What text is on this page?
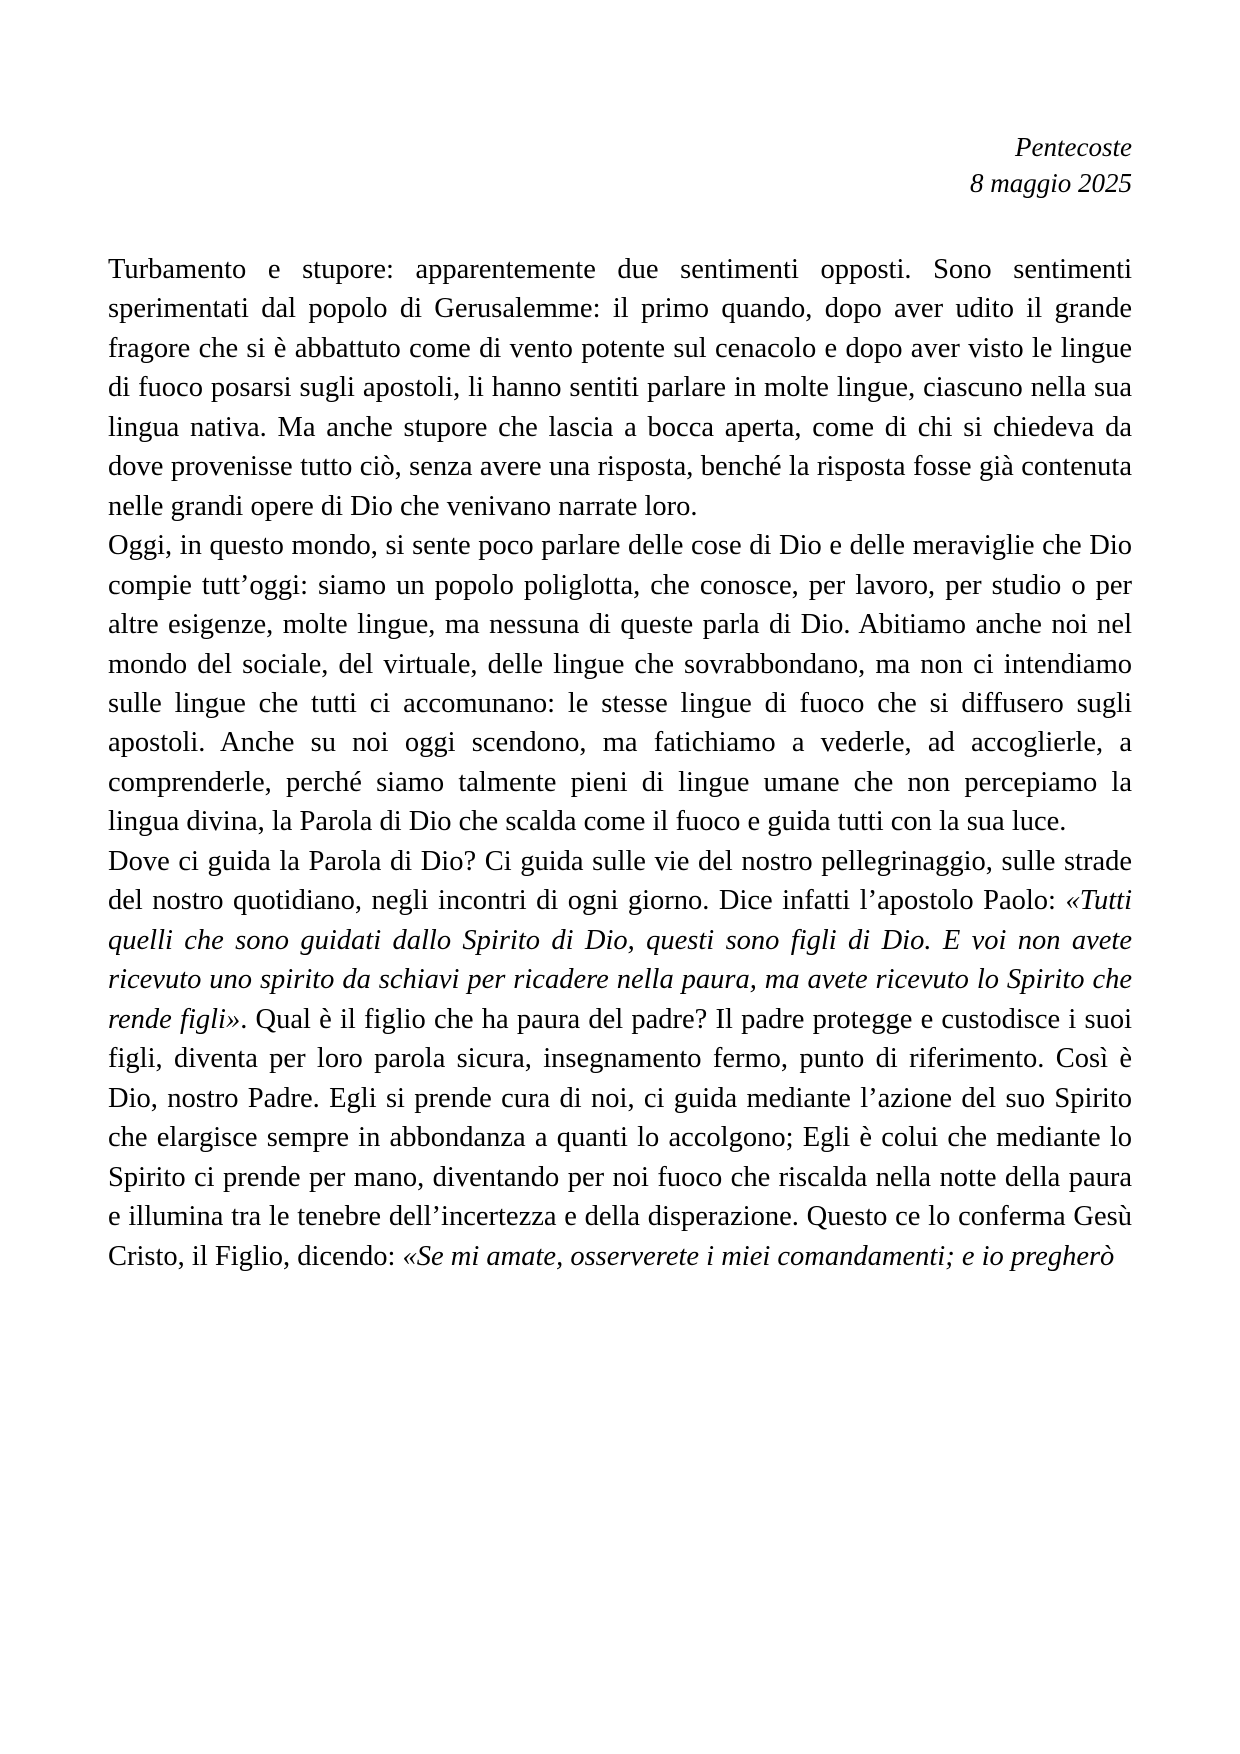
Pentecoste
8 maggio 2025

Turbamento e stupore: apparentemente due sentimenti opposti. Sono sentimenti sperimentati dal popolo di Gerusalemme: il primo quando, dopo aver udito il grande fragore che si è abbattuto come di vento potente sul cenacolo e dopo aver visto le lingue di fuoco posarsi sugli apostoli, li hanno sentiti parlare in molte lingue, ciascuno nella sua lingua nativa. Ma anche stupore che lascia a bocca aperta, come di chi si chiedeva da dove provenisse tutto ciò, senza avere una risposta, benché la risposta fosse già contenuta nelle grandi opere di Dio che venivano narrate loro.

Oggi, in questo mondo, si sente poco parlare delle cose di Dio e delle meraviglie che Dio compie tutt’oggi: siamo un popolo poliglotta, che conosce, per lavoro, per studio o per altre esigenze, molte lingue, ma nessuna di queste parla di Dio. Abitiamo anche noi nel mondo del sociale, del virtuale, delle lingue che sovrabbondano, ma non ci intendiamo sulle lingue che tutti ci accomunano: le stesse lingue di fuoco che si diffusero sugli apostoli. Anche su noi oggi scendono, ma fatichiamo a vederle, ad accoglierle, a comprenderle, perché siamo talmente pieni di lingue umane che non percepiamo la lingua divina, la Parola di Dio che scalda come il fuoco e guida tutti con la sua luce.

Dove ci guida la Parola di Dio? Ci guida sulle vie del nostro pellegrinaggio, sulle strade del nostro quotidiano, negli incontri di ogni giorno. Dice infatti l’apostolo Paolo: «Tutti quelli che sono guidati dallo Spirito di Dio, questi sono figli di Dio. E voi non avete ricevuto uno spirito da schiavi per ricadere nella paura, ma avete ricevuto lo Spirito che rende figli». Qual è il figlio che ha paura del padre? Il padre protegge e custodisce i suoi figli, diventa per loro parola sicura, insegnamento fermo, punto di riferimento. Così è Dio, nostro Padre. Egli si prende cura di noi, ci guida mediante l’azione del suo Spirito che elargisce sempre in abbondanza a quanti lo accolgono; Egli è colui che mediante lo Spirito ci prende per mano, diventando per noi fuoco che riscalda nella notte della paura e illumina tra le tenebre dell’incertezza e della disperazione. Questo ce lo conferma Gesù Cristo, il Figlio, dicendo: «Se mi amate, osserverete i miei comandamenti; e io pregherò
